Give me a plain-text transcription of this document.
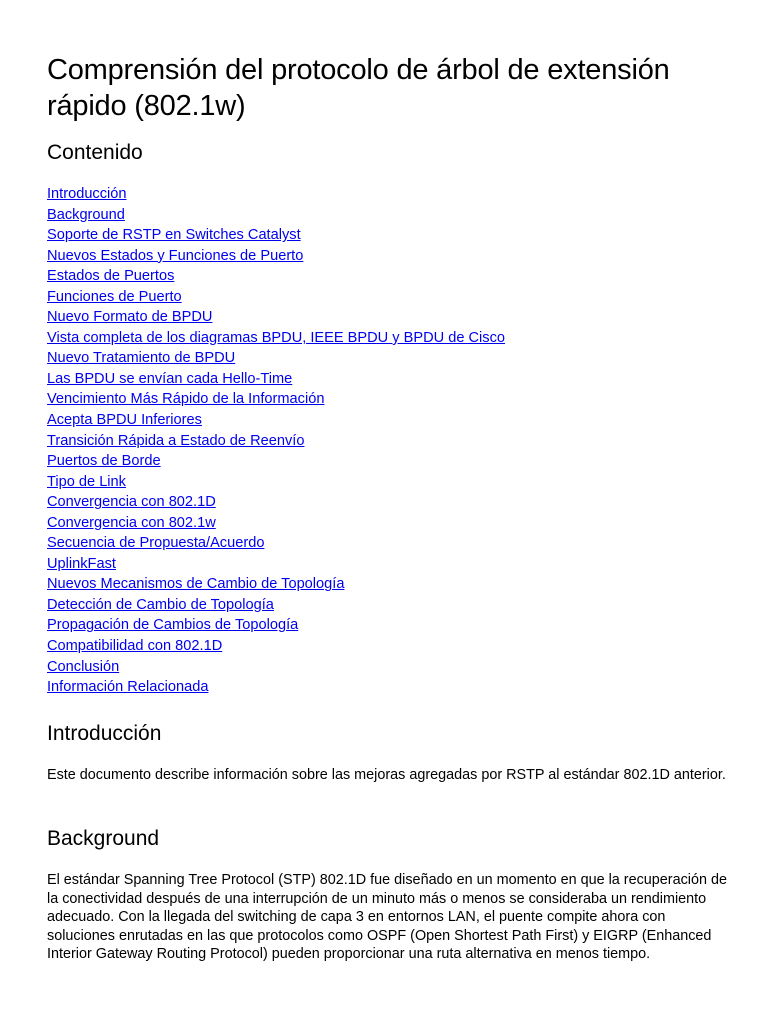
Comprensión del protocolo de árbol de extensión rápido (802.1w)
Contenido
Introducción
Background
Soporte de RSTP en Switches Catalyst
Nuevos Estados y Funciones de Puerto
Estados de Puertos
Funciones de Puerto
Nuevo Formato de BPDU
Vista completa de los diagramas BPDU, IEEE BPDU y BPDU de Cisco
Nuevo Tratamiento de BPDU
Las BPDU se envían cada Hello-Time
Vencimiento Más Rápido de la Información
Acepta BPDU Inferiores
Transición Rápida a Estado de Reenvío
Puertos de Borde
Tipo de Link
Convergencia con 802.1D
Convergencia con 802.1w
Secuencia de Propuesta/Acuerdo
UplinkFast
Nuevos Mecanismos de Cambio de Topología
Detección de Cambio de Topología
Propagación de Cambios de Topología
Compatibilidad con 802.1D
Conclusión
Información Relacionada
Introducción

Este documento describe información sobre las mejoras agregadas por RSTP al estándar 802.1D anterior.

Background

El estándar Spanning Tree Protocol (STP) 802.1D fue diseñado en un momento en que la recuperación de la conectividad después de una interrupción de un minuto más o menos se consideraba un rendimiento adecuado. Con la llegada del switching de capa 3 en entornos LAN, el puente compite ahora con soluciones enrutadas en las que protocolos como OSPF (Open Shortest Path First) y EIGRP (Enhanced Interior Gateway Routing Protocol) pueden proporcionar una ruta alternativa en menos tiempo.
